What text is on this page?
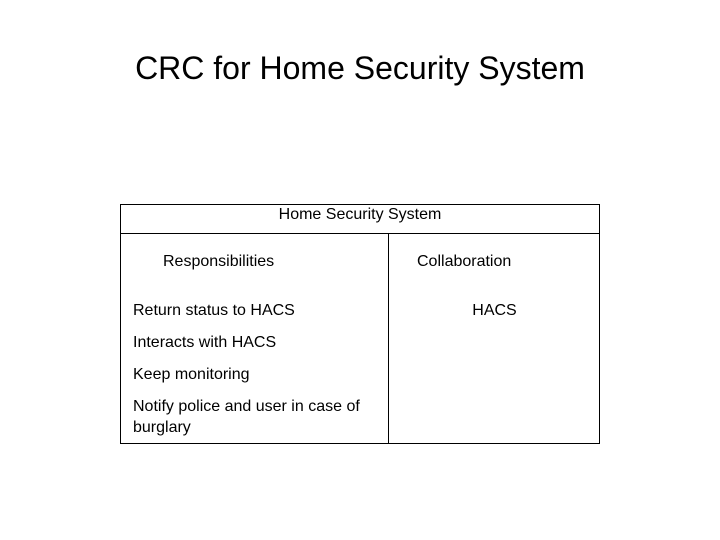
CRC for Home Security System
Home Security System
Responsibilities	Collaboration
Return status to HACS
Interacts with HACS
Keep monitoring
Notify police and user in case of burglary
HACS
